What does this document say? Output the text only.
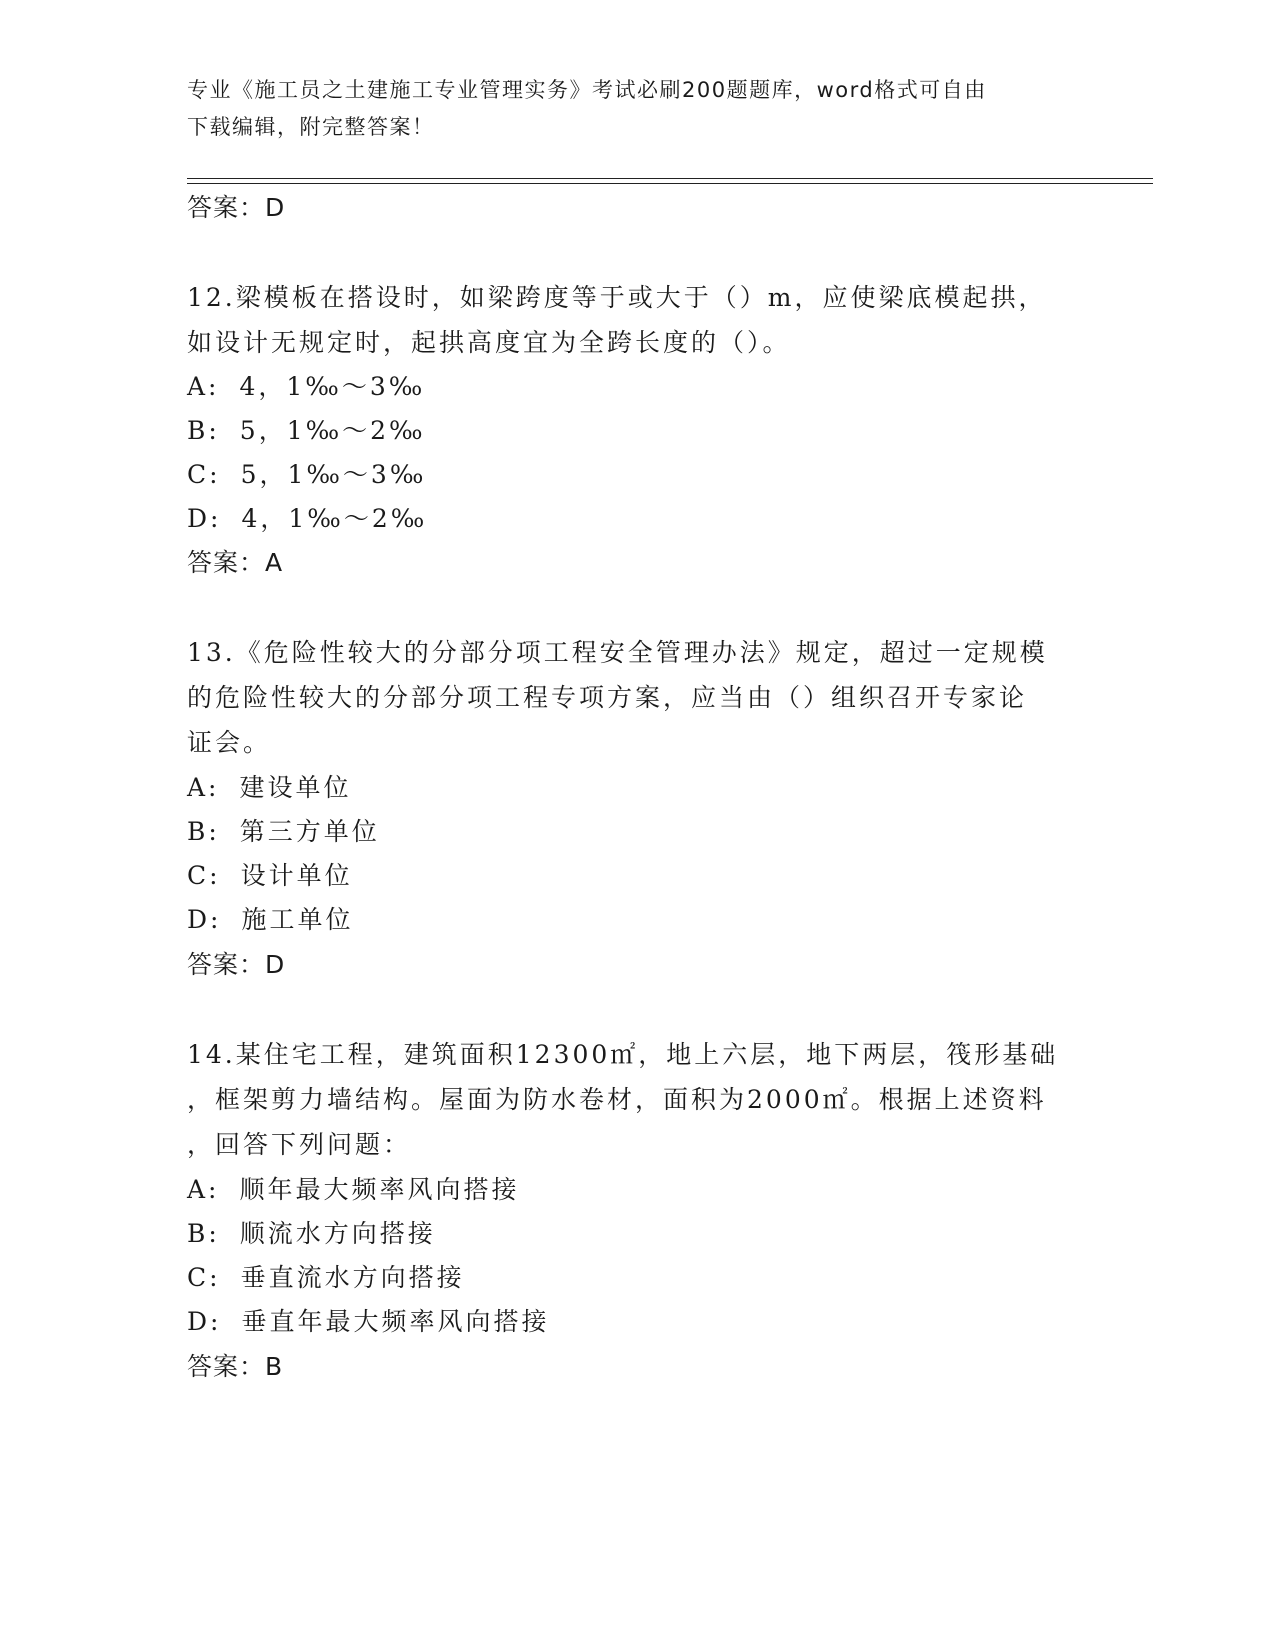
专业《施工员之土建施工专业管理实务》考试必刷200题题库，word格式可自由
下载编辑，附完整答案！
答案：D
12.梁模板在搭设时，如梁跨度等于或大于（）m，应使梁底模起拱，
如设计无规定时，起拱高度宜为全跨长度的（）。
A: 4，1‰～3‰
B: 5，1‰～2‰
C: 5，1‰～3‰
D: 4，1‰～2‰
答案：A
13.《危险性较大的分部分项工程安全管理办法》规定，超过一定规模
的危险性较大的分部分项工程专项方案，应当由（）组织召开专家论
证会。
A: 建设单位
B: 第三方单位
C: 设计单位
D: 施工单位
答案：D
14.某住宅工程，建筑面积12300㎡，地上六层，地下两层，筏形基础
，框架剪力墙结构。屋面为防水卷材，面积为2000㎡。根据上述资料
，回答下列问题：
A: 顺年最大频率风向搭接
B: 顺流水方向搭接
C: 垂直流水方向搭接
D: 垂直年最大频率风向搭接
答案：B
